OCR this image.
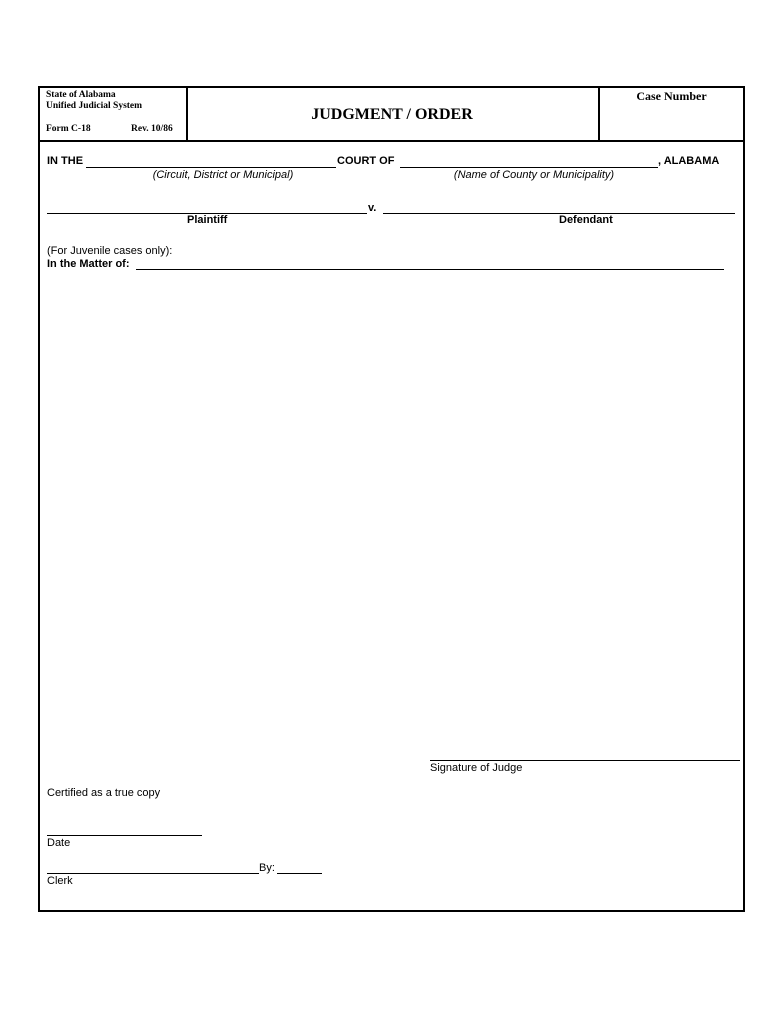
State of Alabama
Unified Judicial System
Form C-18	Rev. 10/86
JUDGMENT / ORDER
Case Number
IN THE	COURT OF	, ALABAMA
(Circuit, District or Municipal)	(Name of County or Municipality)
v.
Plaintiff	Defendant
(For Juvenile cases only):
In the Matter of:
Signature of Judge
Certified as a true copy
Date
By:
Clerk
